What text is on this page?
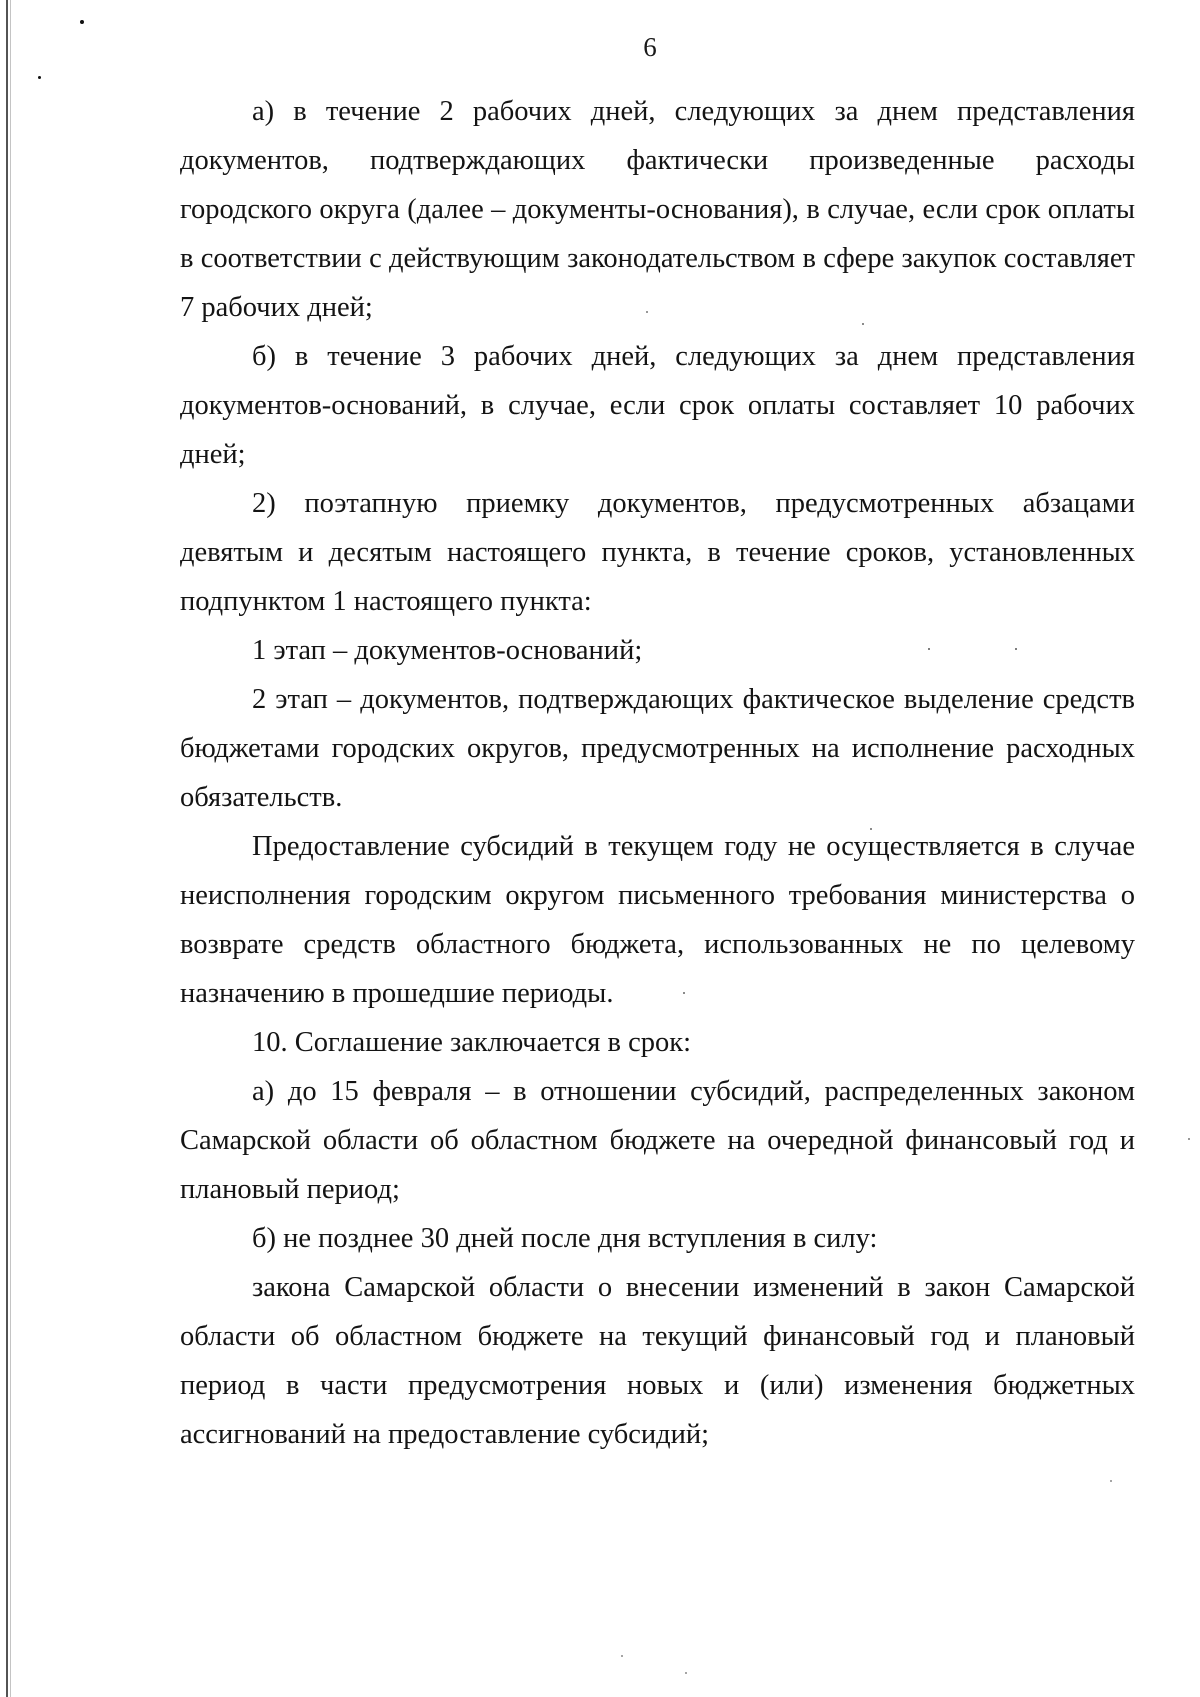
6

а) в течение 2 рабочих дней, следующих за днем представления документов, подтверждающих фактически произведенные расходы городского округа (далее – документы-основания), в случае, если срок оплаты в соответствии с действующим законодательством в сфере закупок составляет 7 рабочих дней;

б) в течение 3 рабочих дней, следующих за днем представления документов-оснований, в случае, если срок оплаты составляет 10 рабочих дней;

2) поэтапную приемку документов, предусмотренных абзацами девятым и десятым настоящего пункта, в течение сроков, установленных подпунктом 1 настоящего пункта:

1 этап – документов-оснований;

2 этап – документов, подтверждающих фактическое выделение средств бюджетами городских округов, предусмотренных на исполнение расходных обязательств.

Предоставление субсидий в текущем году не осуществляется в случае неисполнения городским округом письменного требования министерства о возврате средств областного бюджета, использованных не по целевому назначению в прошедшие периоды.

10. Соглашение заключается в срок:

а) до 15 февраля – в отношении субсидий, распределенных законом Самарской области об областном бюджете на очередной финансовый год и плановый период;

б) не позднее 30 дней после дня вступления в силу:

закона Самарской области о внесении изменений в закон Самарской области об областном бюджете на текущий финансовый год и плановый период в части предусмотрения новых и (или) изменения бюджетных ассигнований на предоставление субсидий;
